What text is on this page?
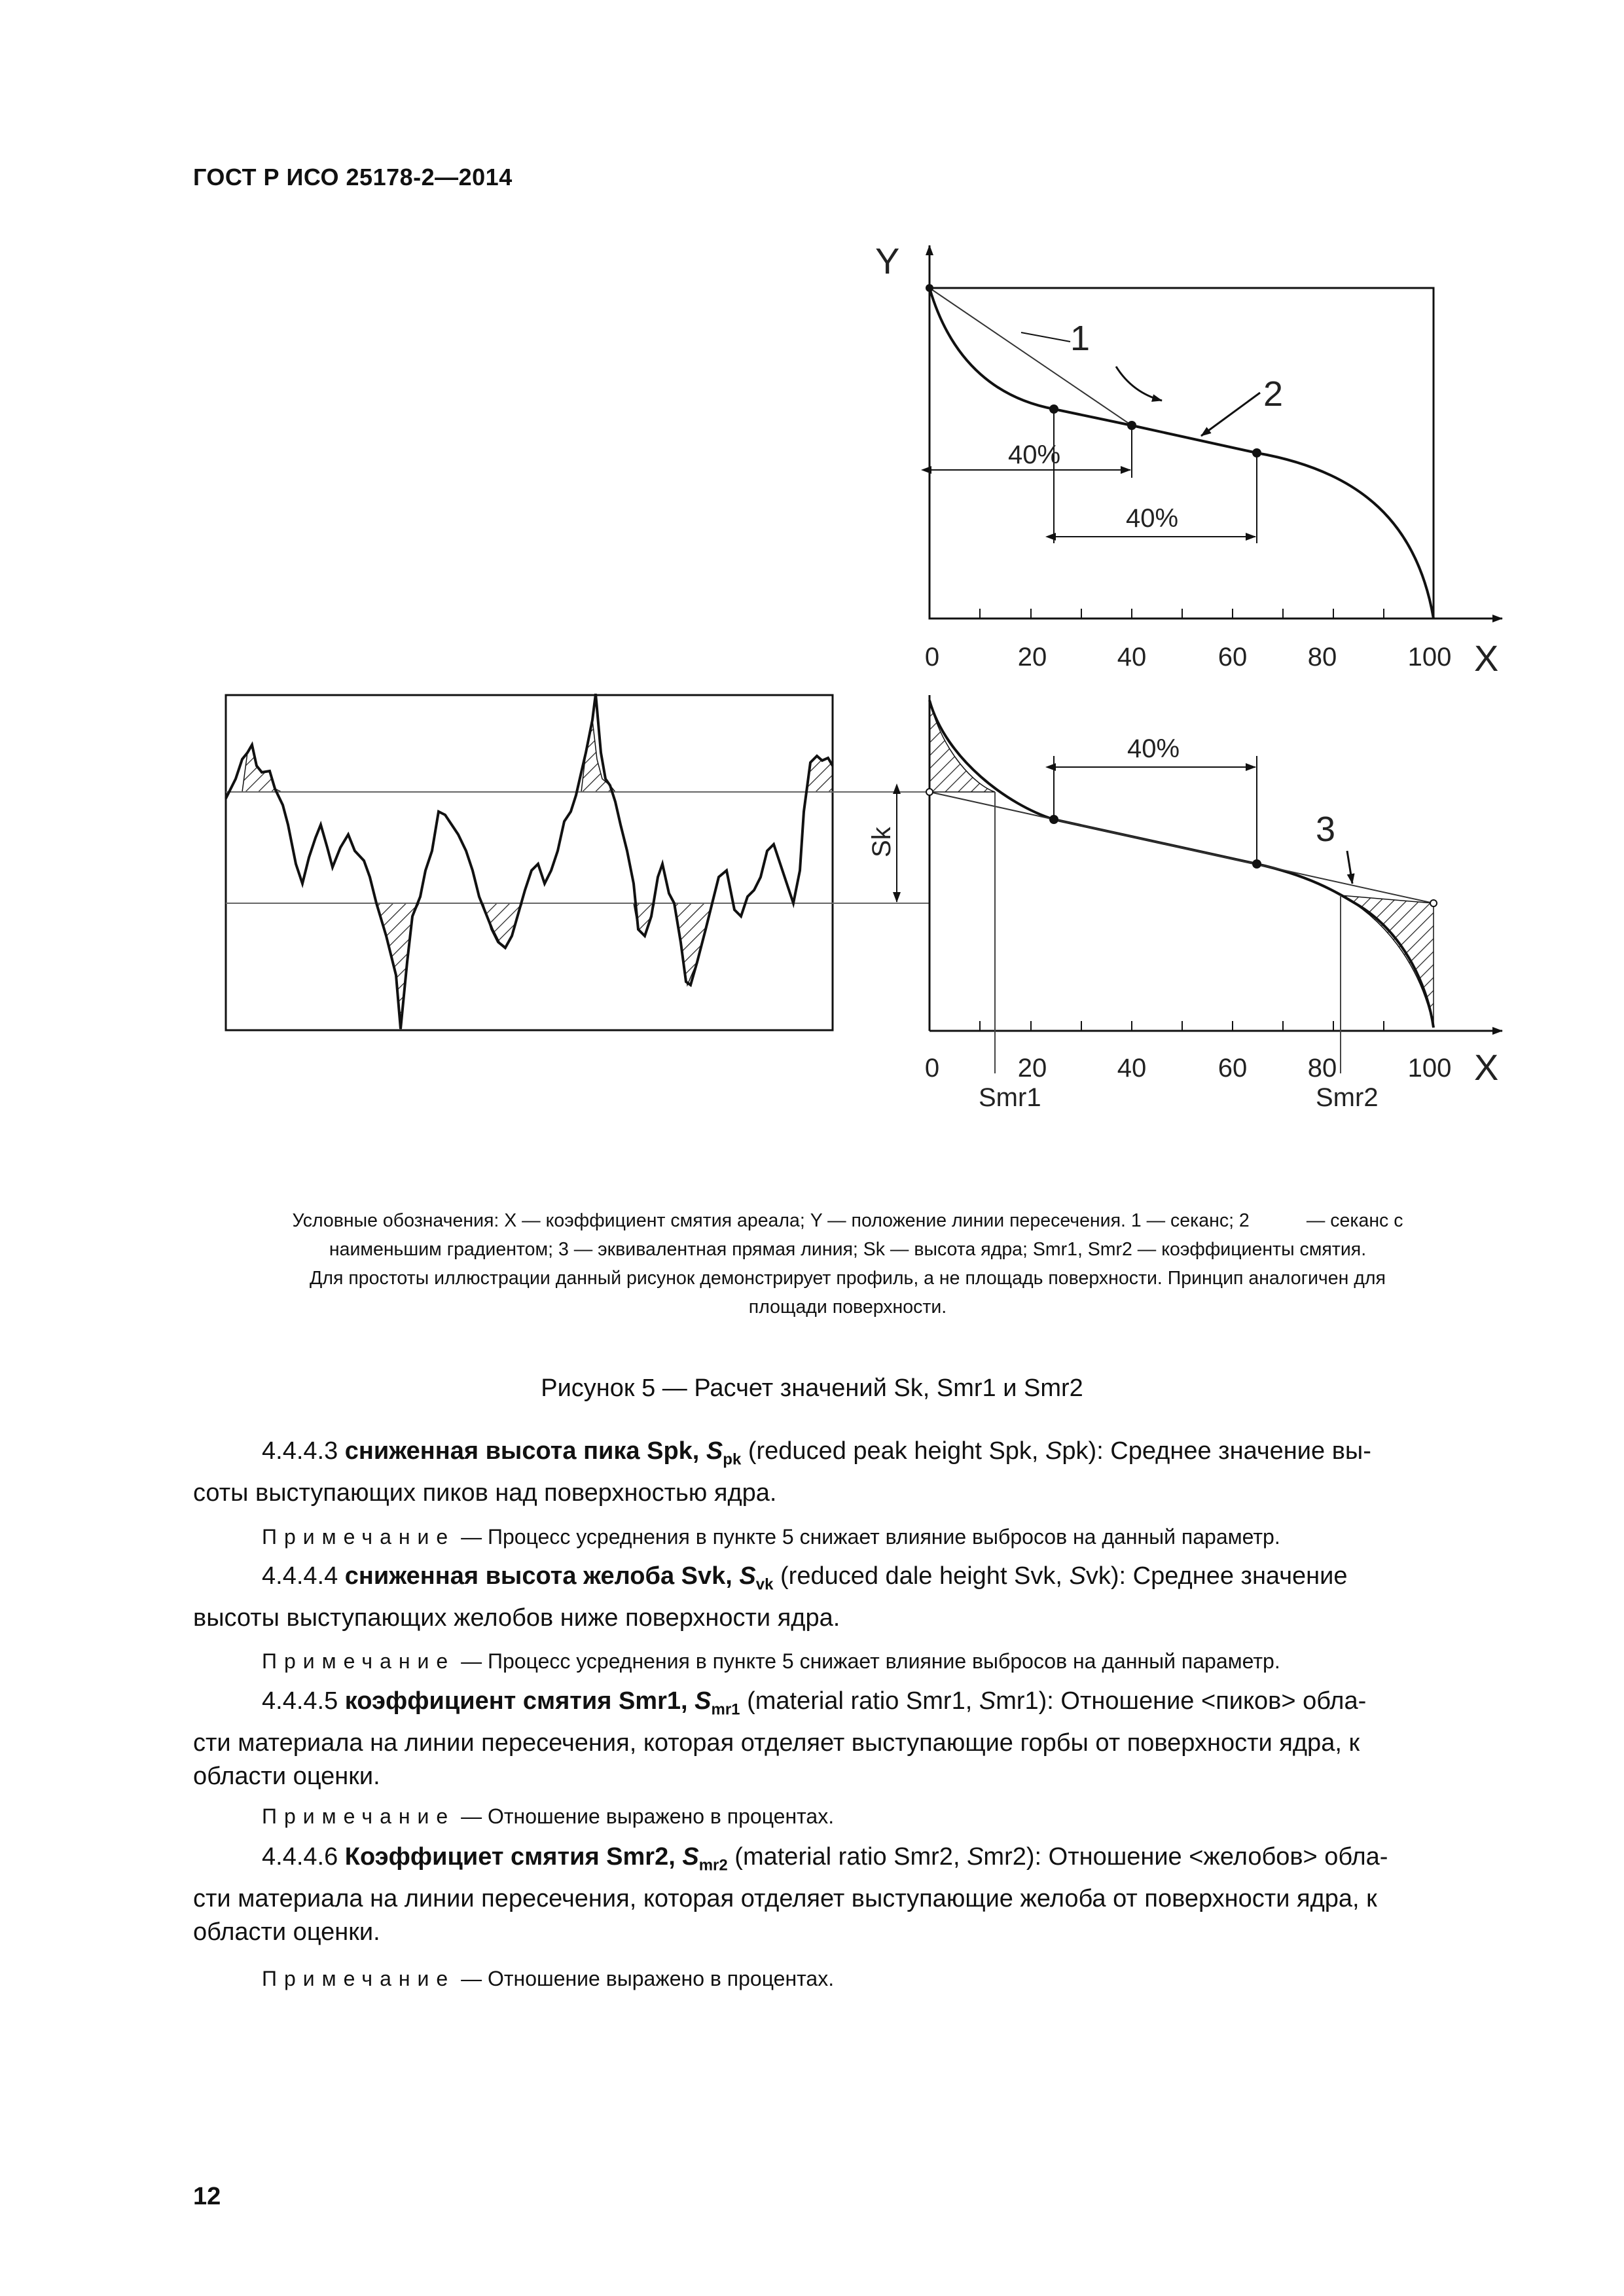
ГОСТ Р ИСО 25178-2—2014
Y
X
0	20	40	60 80	100
1
2
40%
40%
Sk
X
0	20	40	60 80	100
40%
3
Smr1	Smr2
Условные обозначения: X — коэффициент смятия ареала; Y — положение линии пересечения. 1 — секанс; 2           — секанс с
наименьшим градиентом; 3 — эквивалентная прямая линия; Sk — высота ядра; Smr1, Smr2 — коэффициенты смятия.
Для простоты иллюстрации данный рисунок демонстрирует профиль, а не площадь поверхности. Принцип аналогичен для
площади поверхности.
Рисунок 5 — Расчет значений Sk, Smr1 и Smr2
4.4.4.3 сниженная высота пика Spk, $S_{pk}$ (reduced peak height Spk, Spk): Среднее значение вы-
соты выступающих пиков над поверхностью ядра.
Примечание — Процесс усреднения в пункте 5 снижает влияние выбросов на данный параметр.
4.4.4.4 сниженная высота желоба Svk, $S_{vk}$ (reduced dale height Svk, Svk): Среднее значение
высоты выступающих желобов ниже поверхности ядра.
Примечание — Процесс усреднения в пункте 5 снижает влияние выбросов на данный параметр.
4.4.4.5 коэффициент смятия Smr1, $S_{mr1}$ (material ratio Smr1, Smr1): Отношение <пиков> обла-
сти материала на линии пересечения, которая отделяет выступающие горбы от поверхности ядра, к
области оценки.
Примечание — Отношение выражено в процентах.
4.4.4.6 Коэффициет смятия Smr2, $S_{mr2}$ (material ratio Smr2, Smr2): Отношение <желобов> обла-
сти материала на линии пересечения, которая отделяет выступающие желоба от поверхности ядра, к
области оценки.
Примечание — Отношение выражено в процентах.
12
